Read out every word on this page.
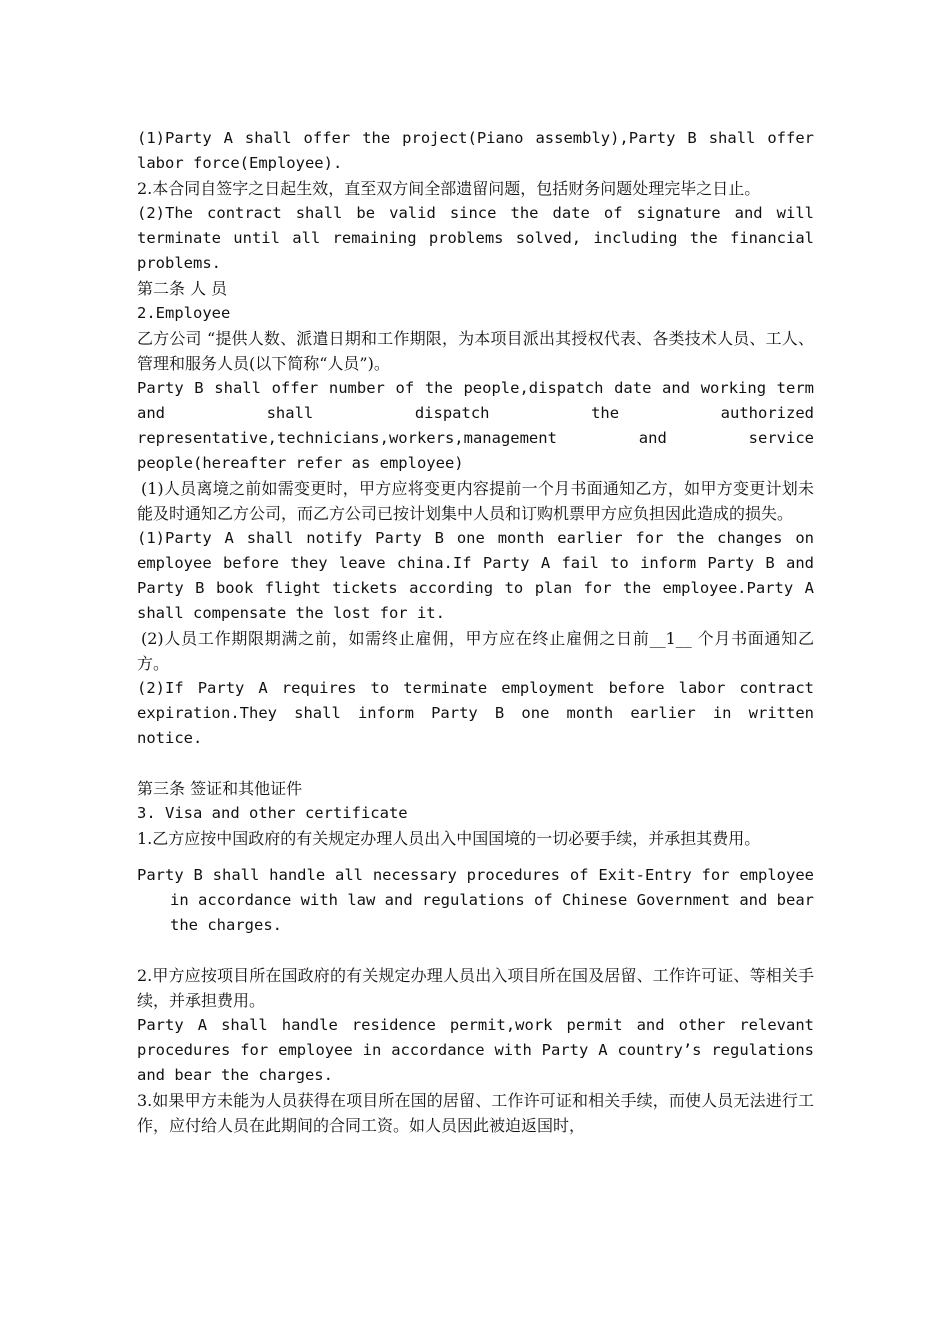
(1)Party A shall offer the project(Piano assembly),Party B shall offer labor force(Employee).

2.本合同自签字之日起生效，直至双方间全部遗留问题，包括财务问题处理完毕之日止。

(2)The contract shall be valid since the date of signature and will terminate until all remaining problems solved, including the financial problems.

第二条 人 员

2.Employee

乙方公司 “提供人数、派遣日期和工作期限，为本项目派出其授权代表、各类技术人员、工人、管理和服务人员(以下简称“人员”)。

Party B shall offer number of the people,dispatch date and working term and shall dispatch the authorized representative,technicians,workers,management and service people(hereafter refer as employee)

(1)人员离境之前如需变更时，甲方应将变更内容提前一个月书面通知乙方，如甲方变更计划未能及时通知乙方公司，而乙方公司已按计划集中人员和订购机票甲方应负担因此造成的损失。

(1)Party A shall notify Party B one month earlier for the changes on employee before they leave china.If Party A fail to inform Party B and Party B book flight tickets according to plan for the employee.Party A shall compensate the lost for it.

(2)人员工作期限期满之前，如需终止雇佣，甲方应在终止雇佣之日前__1__ 个月书面通知乙方。

(2)If Party A requires to terminate employment before labor contract expiration.They shall inform Party B one month earlier in written notice.

第三条 签证和其他证件

3. Visa and other certificate

1.乙方应按中国政府的有关规定办理人员出入中国国境的一切必要手续，并承担其费用。

Party B shall handle all necessary procedures of Exit-Entry for employee in accordance with law and regulations of Chinese Government and bear the charges.

2.甲方应按项目所在国政府的有关规定办理人员出入项目所在国及居留、工作许可证、等相关手续，并承担费用。

Party A shall handle residence permit,work permit and other relevant procedures for employee in accordance with Party A country’s regulations and bear the charges.

3.如果甲方未能为人员获得在项目所在国的居留、工作许可证和相关手续，而使人员无法进行工作，应付给人员在此期间的合同工资。如人员因此被迫返国时，
